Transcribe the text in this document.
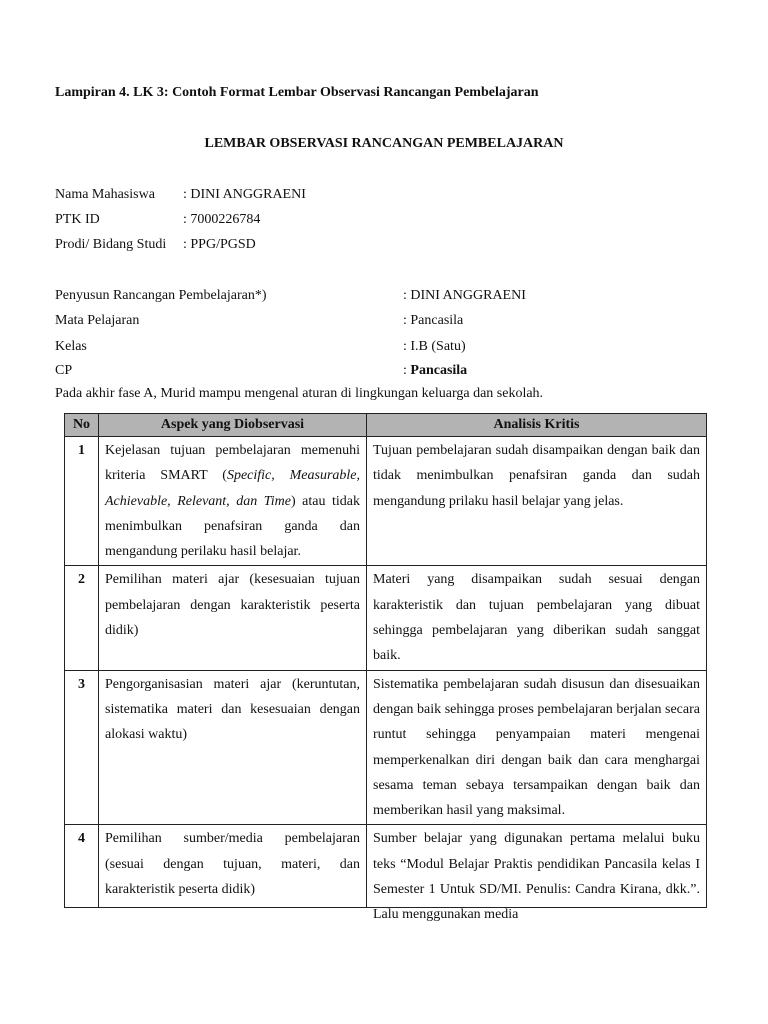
Lampiran 4. LK 3: Contoh Format Lembar Observasi Rancangan Pembelajaran
LEMBAR OBSERVASI RANCANGAN PEMBELAJARAN
Nama Mahasiswa : DINI ANGGRAENI
PTK ID	: 7000226784
Prodi/ Bidang Studi : PPG/PGSD
Penyusun Rancangan Pembelajaran*)	: DINI ANGGRAENI
Mata Pelajaran	: Pancasila
Kelas	: I.B (Satu)
CP	: Pancasila
Pada akhir fase A, Murid mampu mengenal aturan di lingkungan keluarga dan sekolah.
No	Aspek yang Diobservasi	Analisis Kritis
1	Kejelasan tujuan pembelajaran memenuhi kriteria SMART (Specific, Measurable, Achievable, Relevant, dan Time) atau tidak menimbulkan penafsiran ganda dan mengandung perilaku hasil belajar.	Tujuan pembelajaran sudah disampaikan dengan baik dan tidak menimbulkan penafsiran ganda dan sudah mengandung prilaku hasil belajar yang jelas.
2	Pemilihan materi ajar (kesesuaian tujuan pembelajaran dengan karakteristik peserta didik)	Materi yang disampaikan sudah sesuai dengan karakteristik dan tujuan pembelajaran yang dibuat sehingga pembelajaran yang diberikan sudah sanggat baik.
3	Pengorganisasian materi ajar (keruntutan, sistematika materi dan kesesuaian dengan alokasi waktu)	Sistematika pembelajaran sudah disusun dan disesuaikan dengan baik sehingga proses pembelajaran berjalan secara runtut sehingga penyampaian materi mengenai memperkenalkan diri dengan baik dan cara menghargai sesama teman sebaya tersampaikan dengan baik dan memberikan hasil yang maksimal.
4	Pemilihan sumber/media pembelajaran (sesuai dengan tujuan, materi, dan karakteristik peserta didik)	Sumber belajar yang digunakan pertama melalui buku teks “Modul Belajar Praktis pendidikan Pancasila kelas I Semester 1 Untuk SD/MI. Penulis: Candra Kirana, dkk.”. Lalu menggunakan media
